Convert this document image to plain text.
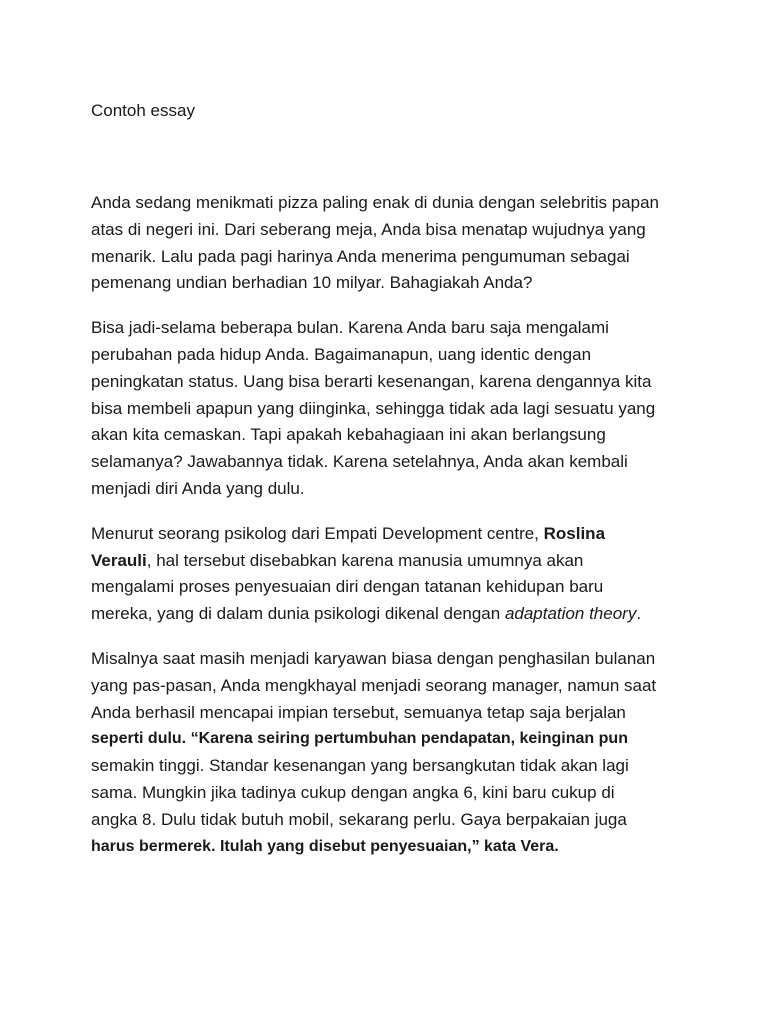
Contoh essay

Anda sedang menikmati pizza paling enak di dunia dengan selebritis papan
atas di negeri ini. Dari seberang meja, Anda bisa menatap wujudnya yang
menarik. Lalu pada pagi harinya Anda menerima pengumuman sebagai
pemenang undian berhadian 10 milyar. Bahagiakah Anda?

Bisa jadi-selama beberapa bulan. Karena Anda baru saja mengalami
perubahan pada hidup Anda. Bagaimanapun, uang identic dengan
peningkatan status. Uang bisa berarti kesenangan, karena dengannya kita
bisa membeli apapun yang diinginka, sehingga tidak ada lagi sesuatu yang
akan kita cemaskan. Tapi apakah kebahagiaan ini akan berlangsung
selamanya? Jawabannya tidak. Karena setelahnya, Anda akan kembali
menjadi diri Anda yang dulu.

Menurut seorang psikolog dari Empati Development centre, Roslina
Verauli, hal tersebut disebabkan karena manusia umumnya akan
mengalami proses penyesuaian diri dengan tatanan kehidupan baru
mereka, yang di dalam dunia psikologi dikenal dengan adaptation theory.

Misalnya saat masih menjadi karyawan biasa dengan penghasilan bulanan
yang pas-pasan, Anda mengkhayal menjadi seorang manager, namun saat
Anda berhasil mencapai impian tersebut, semuanya tetap saja berjalan
seperti dulu. “Karena seiring pertumbuhan pendapatan, keinginan pun
semakin tinggi. Standar kesenangan yang bersangkutan tidak akan lagi
sama. Mungkin jika tadinya cukup dengan angka 6, kini baru cukup di
angka 8. Dulu tidak butuh mobil, sekarang perlu. Gaya berpakaian juga
harus bermerek. Itulah yang disebut penyesuaian,” kata Vera.
